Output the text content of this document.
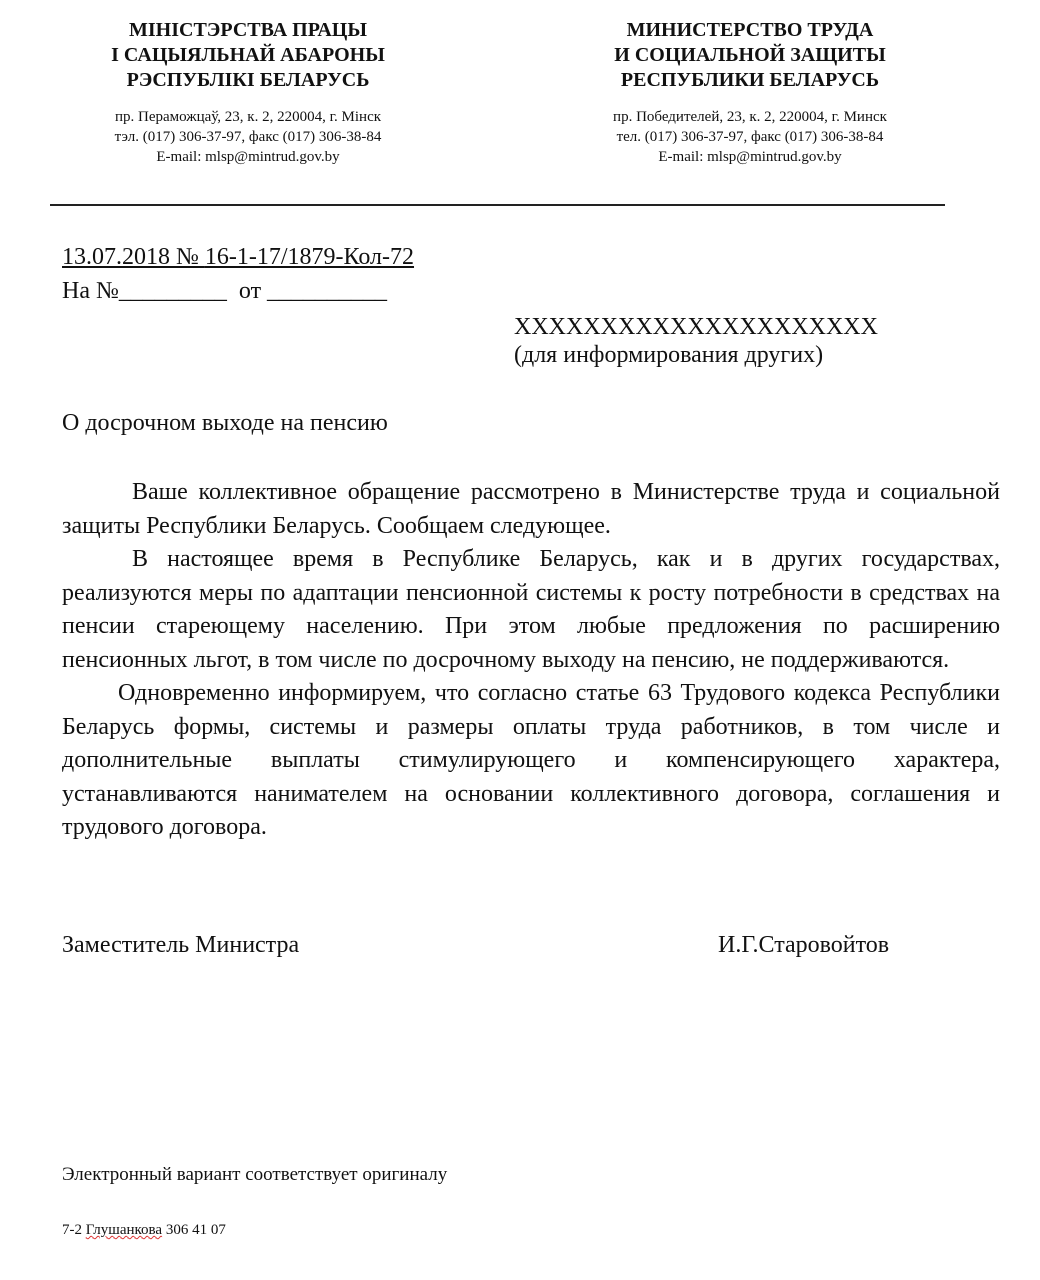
МІНІСТЭРСТВА ПРАЦЫ
І САЦЫЯЛЬНАЙ АБАРОНЫ
РЭСПУБЛІКІ БЕЛАРУСЬ
пр. Пераможцаў, 23, к. 2, 220004, г. Мінск
тэл. (017) 306-37-97, факс (017) 306-38-84
E-mail: mlsp@mintrud.gov.by
МИНИСТЕРСТВО ТРУДА
И СОЦИАЛЬНОЙ ЗАЩИТЫ
РЕСПУБЛИКИ БЕЛАРУСЬ
пр. Победителей, 23, к. 2, 220004, г. Минск
тел. (017) 306-37-97, факс (017) 306-38-84
E-mail: mlsp@mintrud.gov.by
13.07.2018 № 16-1-17/1879-Кол-72
На №_________  от __________
ХХХХХХХХХХХХХХХХХХХХХ
(для информирования других)
О досрочном выходе на пенсию

Ваше коллективное обращение рассмотрено в Министерстве труда и социальной защиты Республики Беларусь. Сообщаем следующее.

В настоящее время в Республике Беларусь, как и в других государствах, реализуются меры по адаптации пенсионной системы к росту потребности в средствах на пенсии стареющему населению. При этом любые предложения по расширению пенсионных льгот, в том числе по досрочному выходу на пенсию, не поддерживаются.

Одновременно информируем, что согласно статье 63 Трудового кодекса Республики Беларусь формы, системы и размеры оплаты труда работников, в том числе и дополнительные выплаты стимулирующего и компенсирующего характера, устанавливаются нанимателем на основании коллективного договора, соглашения и трудового договора.

Заместитель Министра	И.Г.Старовойтов
Электронный вариант соответствует оригиналу
7-2 Глушанкова 306 41 07
